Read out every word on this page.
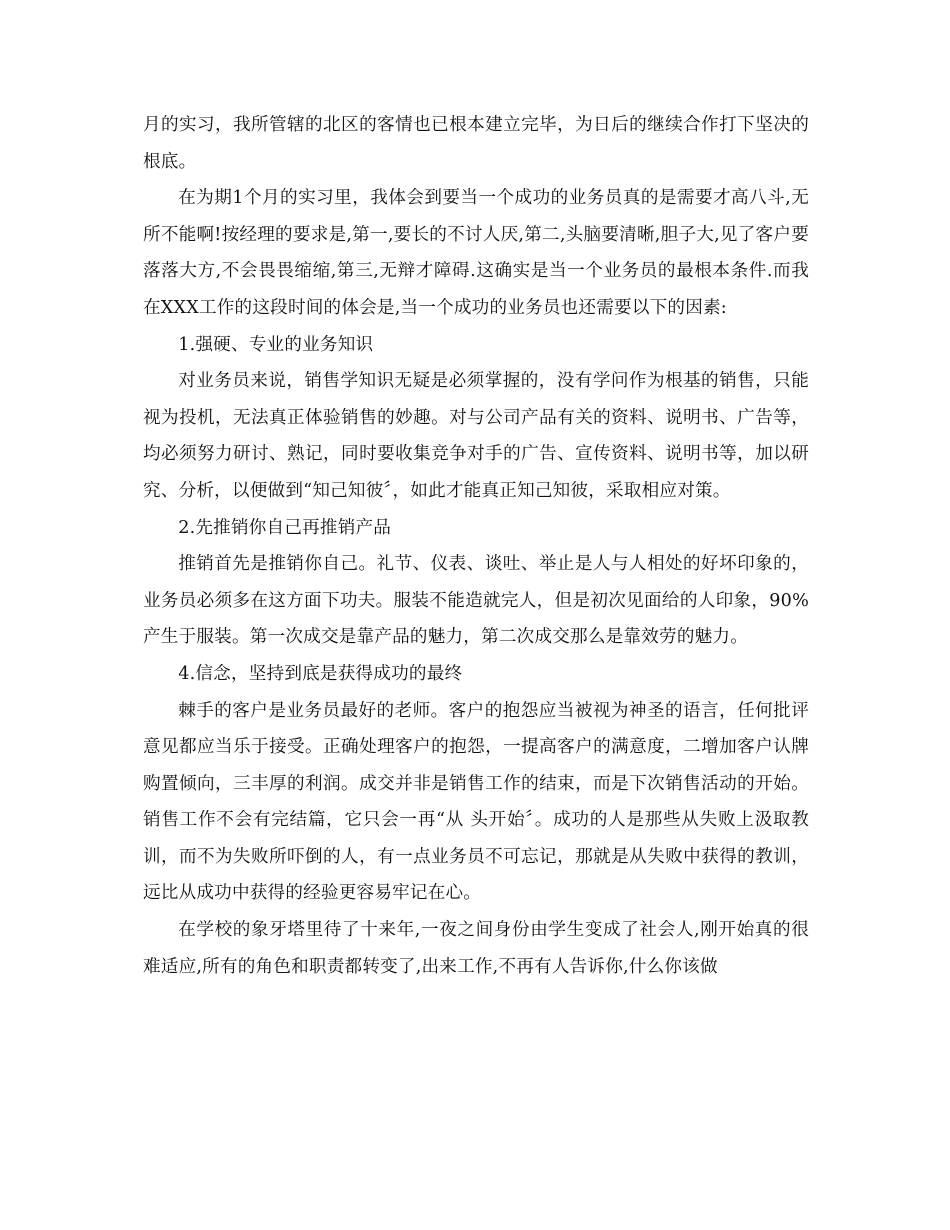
月的实习，我所管辖的北区的客情也已根本建立完毕，为日后的继续合作打下坚决的根底。

在为期1个月的实习里，我体会到要当一个成功的业务员真的是需要才高八斗,无所不能啊!按经理的要求是,第一,要长的不讨人厌,第二,头脑要清晰,胆子大,见了客户要落落大方,不会畏畏缩缩,第三,无辩才障碍.这确实是当一个业务员的最根本条件.而我在XXX工作的这段时间的体会是,当一个成功的业务员也还需要以下的因素:

1.强硬、专业的业务知识

对业务员来说，销售学知识无疑是必须掌握的，没有学问作为根基的销售，只能视为投机，无法真正体验销售的妙趣。对与公司产品有关的资料、说明书、广告等，均必须努力研讨、熟记，同时要收集竞争对手的广告、宣传资料、说明书等，加以研究、分析，以便做到“知己知彼〞，如此才能真正知己知彼，采取相应对策。

2.先推销你自己再推销产品

推销首先是推销你自己。礼节、仪表、谈吐、举止是人与人相处的好坏印象的，业务员必须多在这方面下功夫。服装不能造就完人，但是初次见面给的人印象，90%产生于服装。第一次成交是靠产品的魅力，第二次成交那么是靠效劳的魅力。

4.信念，坚持到底是获得成功的最终

棘手的客户是业务员最好的老师。客户的抱怨应当被视为神圣的语言，任何批评意见都应当乐于接受。正确处理客户的抱怨，一提高客户的满意度，二增加客户认牌购置倾向，三丰厚的利润。成交并非是销售工作的结束，而是下次销售活动的开始。销售工作不会有完结篇，它只会一再“从 头开始〞。成功的人是那些从失败上汲取教训，而不为失败所吓倒的人，有一点业务员不可忘记，那就是从失败中获得的教训，远比从成功中获得的经验更容易牢记在心。

在学校的象牙塔里待了十来年,一夜之间身份由学生变成了社会人,刚开始真的很难适应,所有的角色和职责都转变了,出来工作,不再有人告诉你,什么你该做
